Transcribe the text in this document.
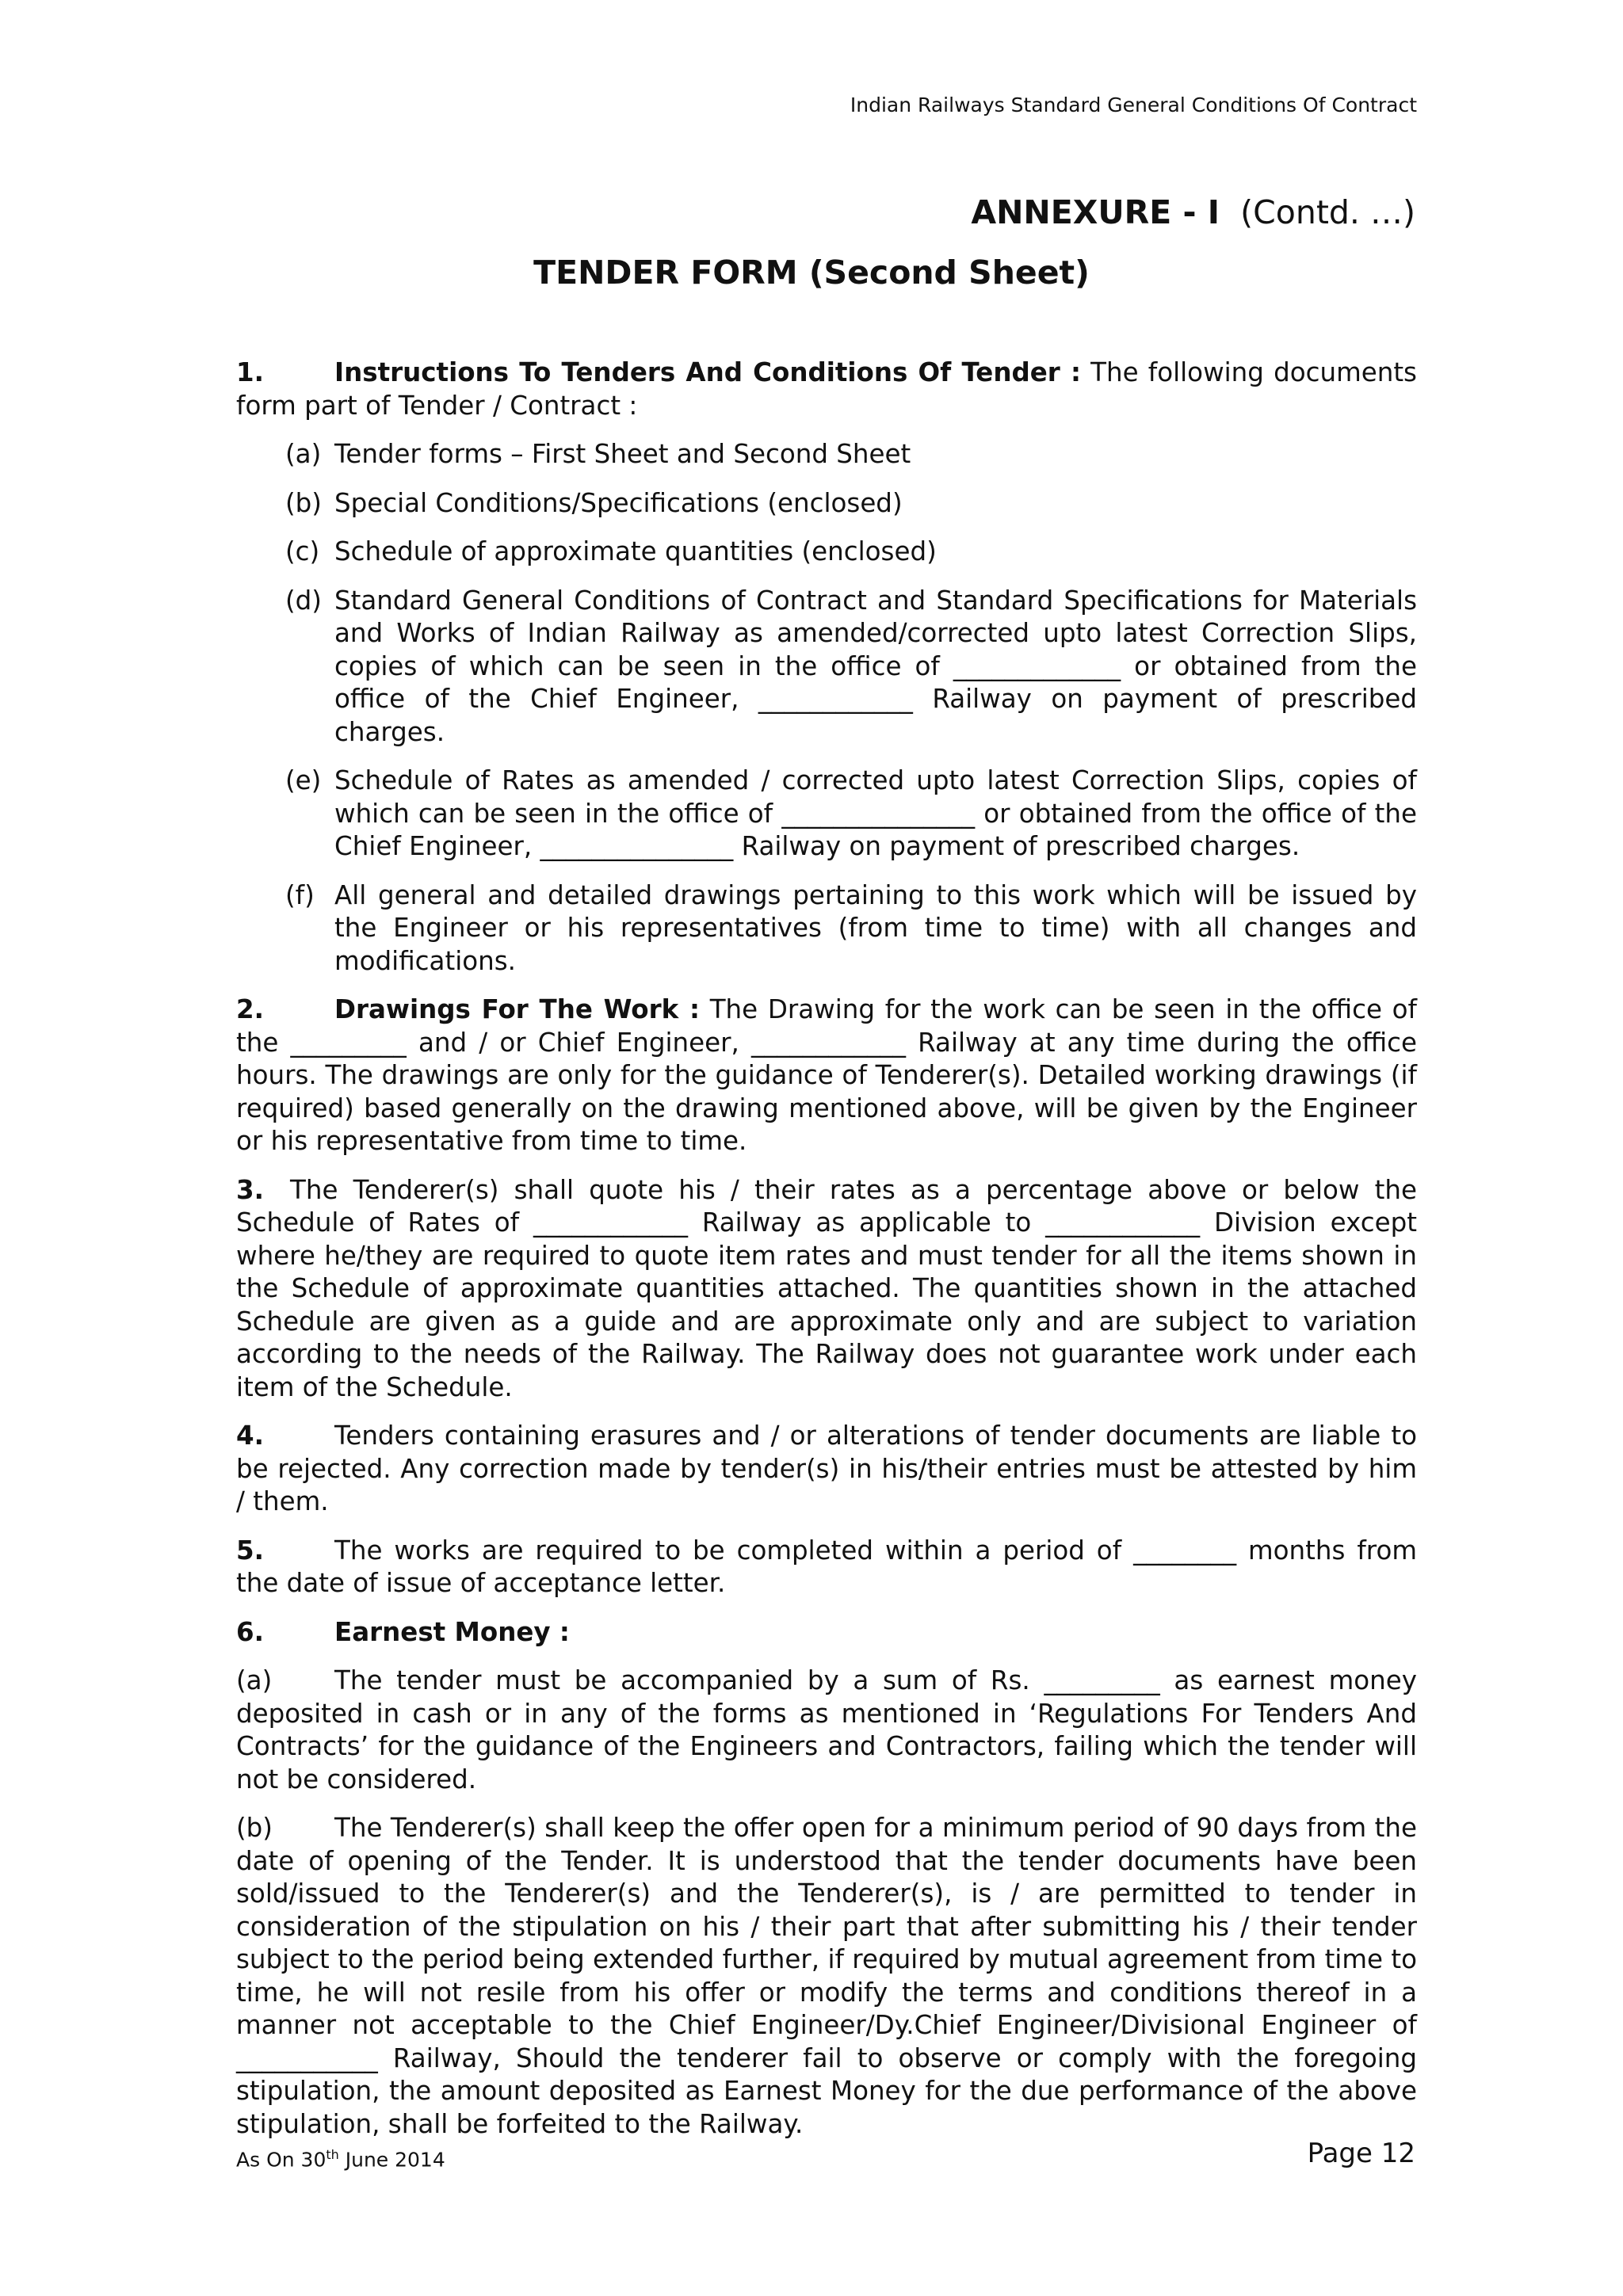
Indian Railways Standard General Conditions Of Contract
ANNEXURE - I (Contd. …)
TENDER FORM (Second Sheet)
1.	Instructions To Tenders And Conditions Of Tender : The following documents form part of Tender / Contract :
(a) Tender forms – First Sheet and Second Sheet
(b) Special Conditions/Specifications (enclosed)
(c) Schedule of approximate quantities (enclosed)
(d) Standard General Conditions of Contract and Standard Specifications for Materials and Works of Indian Railway as amended/corrected upto latest Correction Slips, copies of which can be seen in the office of _____________ or obtained from the office of the Chief Engineer, ____________ Railway on payment of prescribed charges.
(e) Schedule of Rates as amended / corrected upto latest Correction Slips, copies of which can be seen in the office of _______________ or obtained from the office of the Chief Engineer, _______________ Railway on payment of prescribed charges.
(f) All general and detailed drawings pertaining to this work which will be issued by the Engineer or his representatives (from time to time) with all changes and modifications.
2.	Drawings For The Work : The Drawing for the work can be seen in the office of the _________ and / or Chief Engineer, ____________ Railway at any time during the office hours. The drawings are only for the guidance of Tenderer(s). Detailed working drawings (if required) based generally on the drawing mentioned above, will be given by the Engineer or his representative from time to time.
3. The Tenderer(s) shall quote his / their rates as a percentage above or below the Schedule of Rates of ____________ Railway as applicable to ____________ Division except where he/they are required to quote item rates and must tender for all the items shown in the Schedule of approximate quantities attached. The quantities shown in the attached Schedule are given as a guide and are approximate only and are subject to variation according to the needs of the Railway. The Railway does not guarantee work under each item of the Schedule.
4.	Tenders containing erasures and / or alterations of tender documents are liable to be rejected. Any correction made by tender(s) in his/their entries must be attested by him / them.
5.	The works are required to be completed within a period of ________ months from the date of issue of acceptance letter.
6.	Earnest Money :
(a) The tender must be accompanied by a sum of Rs. _________ as earnest money deposited in cash or in any of the forms as mentioned in ‘Regulations For Tenders And Contracts’ for the guidance of the Engineers and Contractors, failing which the tender will not be considered.
(b) The Tenderer(s) shall keep the offer open for a minimum period of 90 days from the date of opening of the Tender. It is understood that the tender documents have been sold/issued to the Tenderer(s) and the Tenderer(s), is / are permitted to tender in consideration of the stipulation on his / their part that after submitting his / their tender subject to the period being extended further, if required by mutual agreement from time to time, he will not resile from his offer or modify the terms and conditions thereof in a manner not acceptable to the Chief Engineer/Dy.Chief Engineer/Divisional Engineer of ___________ Railway, Should the tenderer fail to observe or comply with the foregoing stipulation, the amount deposited as Earnest Money for the due performance of the above stipulation, shall be forfeited to the Railway.
As On 30th June 2014	Page 12
